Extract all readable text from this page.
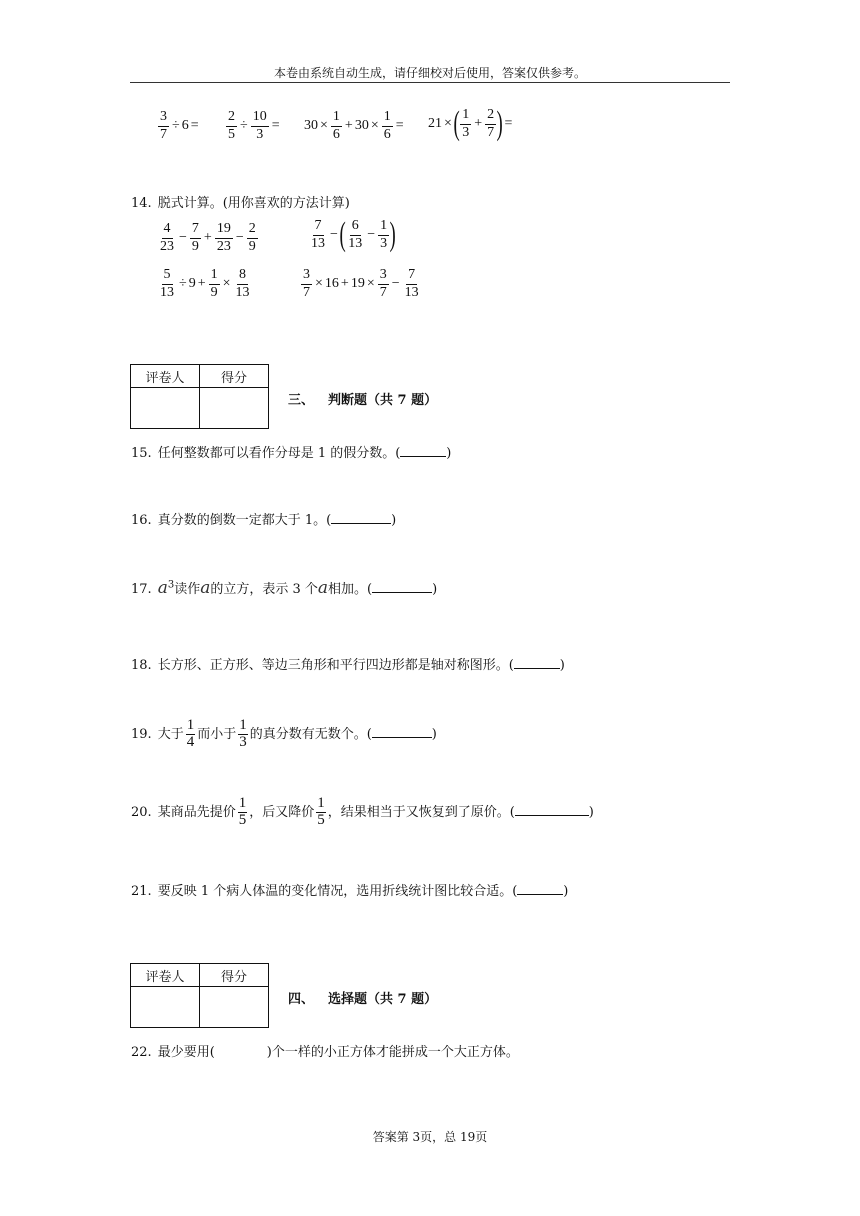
本卷由系统自动生成，请仔细校对后使用，答案仅供参考。
$\frac{3}{7} \div 6 = \frac{2}{5} \div \frac{10}{3} = 30 \times \frac{1}{6} + 30 \times \frac{1}{6} = 21$ × ( $\frac{1}{3} + \frac{2}{7}$ ) =
14. 脱式计算。(用你喜欢的方法计算)
$\frac{4}{23} - \frac{7}{9} + \frac{19}{23} - \frac{2}{9}$	$\frac{7}{13}$ − ( $\frac{6}{13} - \frac{1}{3}$ )
$\frac{5}{13} \div 9 + \frac{1}{9} \times \frac{8}{13}$	$\frac{3}{7} \times 16 + 19 \times \frac{3}{7} - \frac{7}{13}$
评卷人	得分

三、 判断题（共 7 题）
15. 任何整数都可以看作分母是 1 的假分数。(	)
16. 真分数的倒数一定都大于 1。(	)
17. $a^3$读作a的立方，表示 3 个a相加。(	)
18. 长方形、正方形、等边三角形和平行四边形都是轴对称图形。(	)
19. 大于 $\frac{1}{4}$ 而小于 $\frac{1}{3}$ 的真分数有无数个。(	)
20. 某商品先提价 $\frac{1}{5}$ ，后又降价 $\frac{1}{5}$ ，结果相当于又恢复到了原价。(	)
21. 要反映 1 个病人体温的变化情况，选用折线统计图比较合适。(	)
评卷人	得分

四、 选择题（共 7 题）
22. 最少要用(	)个一样的小正方体才能拼成一个大正方体。
答案第 3页，总 19页
